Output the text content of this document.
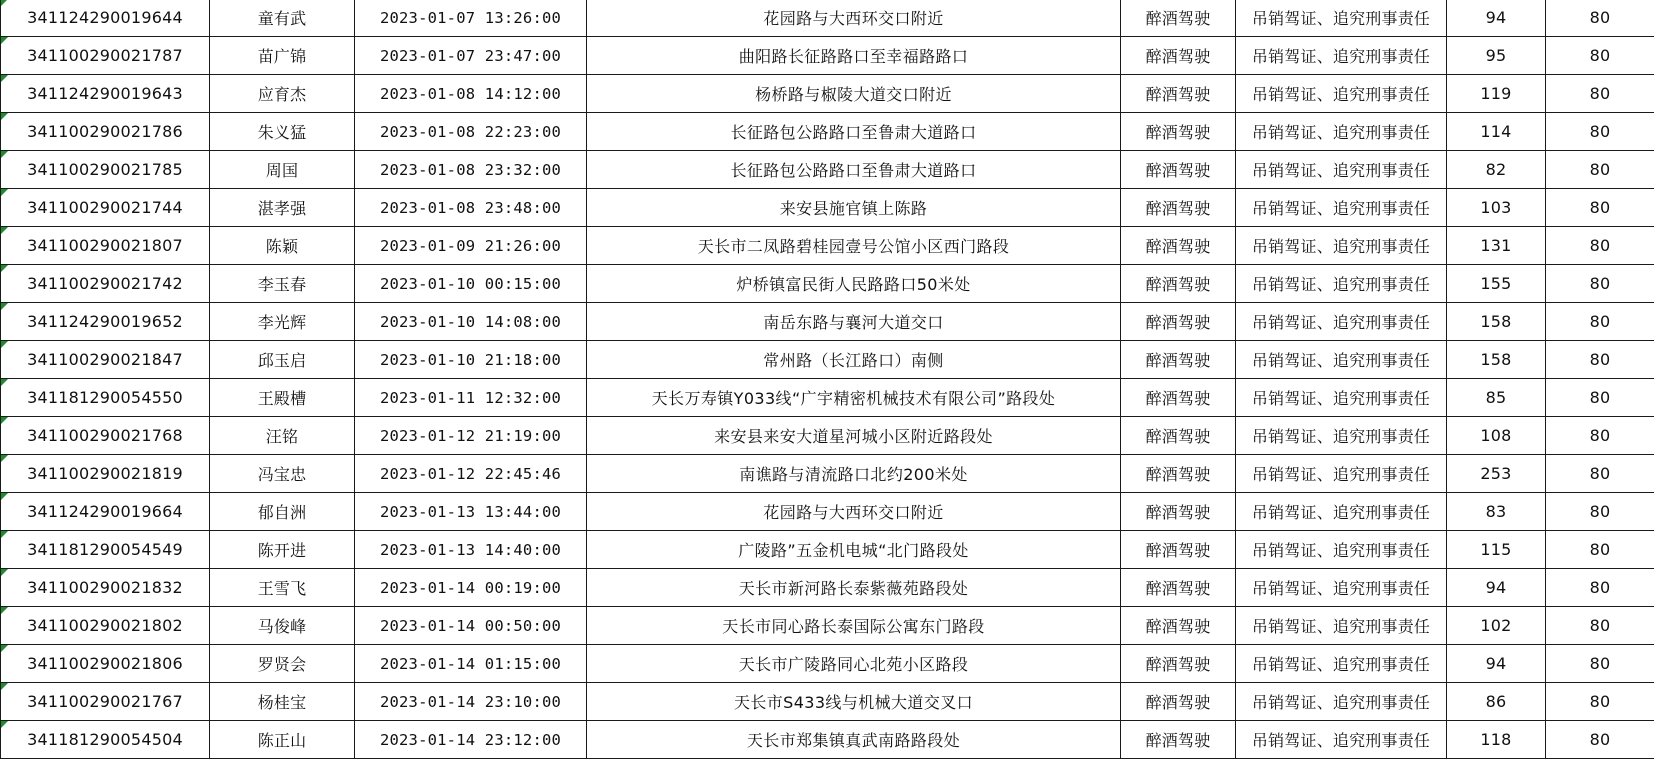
341124290019644	童有武	2023-01-07 13:26:00	花园路与大西环交口附近	醉酒驾驶	吊销驾证、追究刑事责任	94	80
341100290021787	苗广锦	2023-01-07 23:47:00	曲阳路长征路路口至幸福路路口	醉酒驾驶	吊销驾证、追究刑事责任	95	80
341124290019643	应育杰	2023-01-08 14:12:00	杨桥路与椒陵大道交口附近	醉酒驾驶	吊销驾证、追究刑事责任	119	80
341100290021786	朱义猛	2023-01-08 22:23:00	长征路包公路路口至鲁肃大道路口	醉酒驾驶	吊销驾证、追究刑事责任	114	80
341100290021785	周国	2023-01-08 23:32:00	长征路包公路路口至鲁肃大道路口	醉酒驾驶	吊销驾证、追究刑事责任	82	80
341100290021744	湛孝强	2023-01-08 23:48:00	来安县施官镇上陈路	醉酒驾驶	吊销驾证、追究刑事责任	103	80
341100290021807	陈颖	2023-01-09 21:26:00	天长市二凤路碧桂园壹号公馆小区西门路段	醉酒驾驶	吊销驾证、追究刑事责任	131	80
341100290021742	李玉春	2023-01-10 00:15:00	炉桥镇富民街人民路路口50米处	醉酒驾驶	吊销驾证、追究刑事责任	155	80
341124290019652	李光辉	2023-01-10 14:08:00	南岳东路与襄河大道交口	醉酒驾驶	吊销驾证、追究刑事责任	158	80
341100290021847	邱玉启	2023-01-10 21:18:00	常州路（长江路口）南侧	醉酒驾驶	吊销驾证、追究刑事责任	158	80
341181290054550	王殿槽	2023-01-11 12:32:00	天长万寿镇Y033线“广宇精密机械技术有限公司”路段处	醉酒驾驶	吊销驾证、追究刑事责任	85	80
341100290021768	汪铭	2023-01-12 21:19:00	来安县来安大道星河城小区附近路段处	醉酒驾驶	吊销驾证、追究刑事责任	108	80
341100290021819	冯宝忠	2023-01-12 22:45:46	南谯路与清流路口北约200米处	醉酒驾驶	吊销驾证、追究刑事责任	253	80
341124290019664	郁自洲	2023-01-13 13:44:00	花园路与大西环交口附近	醉酒驾驶	吊销驾证、追究刑事责任	83	80
341181290054549	陈开进	2023-01-13 14:40:00	广陵路”五金机电城“北门路段处	醉酒驾驶	吊销驾证、追究刑事责任	115	80
341100290021832	王雪飞	2023-01-14 00:19:00	天长市新河路长泰紫薇苑路段处	醉酒驾驶	吊销驾证、追究刑事责任	94	80
341100290021802	马俊峰	2023-01-14 00:50:00	天长市同心路长泰国际公寓东门路段	醉酒驾驶	吊销驾证、追究刑事责任	102	80
341100290021806	罗贤会	2023-01-14 01:15:00	天长市广陵路同心北苑小区路段	醉酒驾驶	吊销驾证、追究刑事责任	94	80
341100290021767	杨桂宝	2023-01-14 23:10:00	天长市S433线与机械大道交叉口	醉酒驾驶	吊销驾证、追究刑事责任	86	80
341181290054504	陈正山	2023-01-14 23:12:00	天长市郑集镇真武南路路段处	醉酒驾驶	吊销驾证、追究刑事责任	118	80
